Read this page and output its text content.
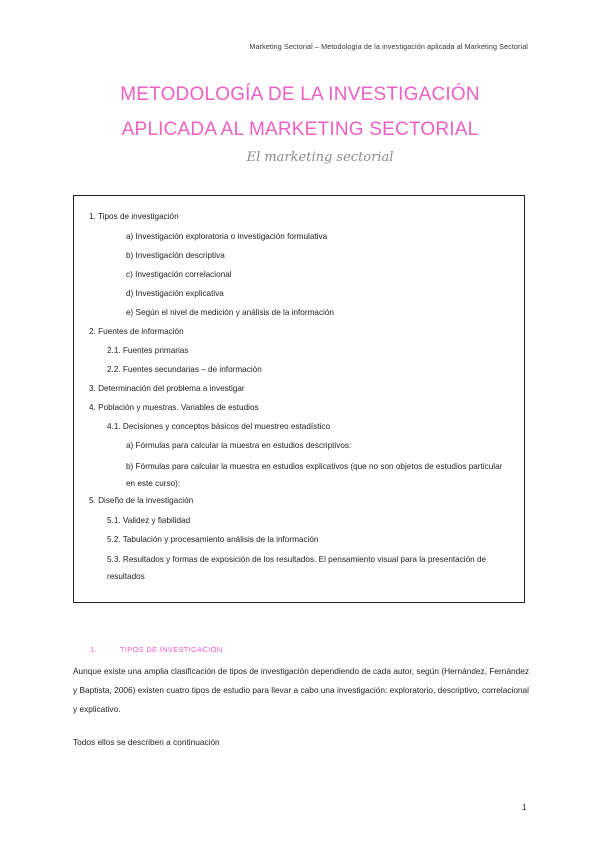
Marketing Sectorial – Metodología de la investigación aplicada al Marketing Sectorial
METODOLOGÍA DE LA INVESTIGACIÓN
APLICADA AL MARKETING SECTORIAL
El marketing sectorial
1. Tipos de investigación
a) Investigación exploratoria o investigación formulativa
b) Investigación descriptiva
c) Investigación correlacional
d) Investigación explicativa
e) Según el nivel de medición y análisis de la información
2. Fuentes de información
2.1. Fuentes primarias
2.2. Fuentes secundarias – de información
3. Determinación del problema a investigar
4. Población y muestras. Variables de estudios
4.1. Decisiones y conceptos básicos del muestreo estadístico
a) Fórmulas para calcular la muestra en estudios descriptivos:
b) Fórmulas para calcular la muestra en estudios explicativos (que no son objetos de estudios particular en este curso):
5. Diseño de la investigación
5.1. Validez y fiabilidad
5.2. Tabulación y procesamiento análisis de la información
5.3. Resultados y formas de exposición de los resultados. El pensamiento visual para la presentación de resultados
1.	TIPOS DE INVESTIGACIÓN
Aunque existe una amplia clasificación de tipos de investigación dependiendo de cada autor, según (Hernández, Fernández y Baptista, 2006) existen cuatro tipos de estudio para llevar a cabo una investigación: exploratorio, descriptivo, correlacional y explicativo.
Todos ellos se describen a continuación
1
